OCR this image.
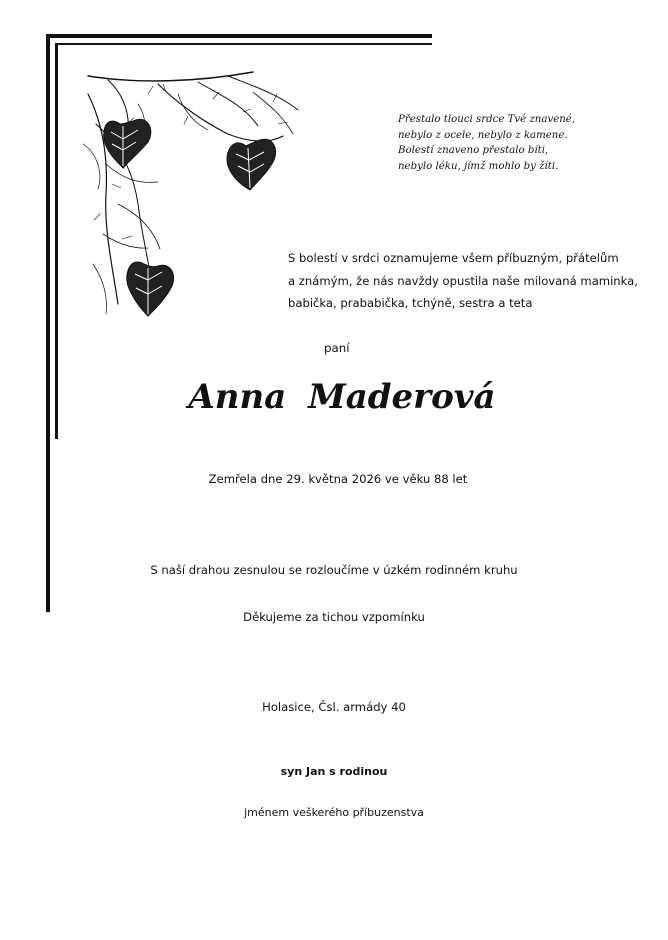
Přestalo tlouci srdce Tvé znavené,
nebylo z ocele, nebylo z kamene.
Bolestí znaveno přestalo bíti,
nebylo léku, jímž mohlo by žíti.
S bolestí v srdci oznamujeme všem příbuzným, přátelům
a známým, že nás navždy opustila naše milovaná maminka,
babička, prababička, tchýně, sestra a teta
paní
Anna Maderová
Zemřela dne 29. května 2026 ve věku 88 let
S naší drahou zesnulou se rozloučíme v úzkém rodinném kruhu
Děkujeme za tichou vzpomínku
Holasice, Čsl. armády 40
syn Jan s rodinou
jménem veškerého příbuzenstva
